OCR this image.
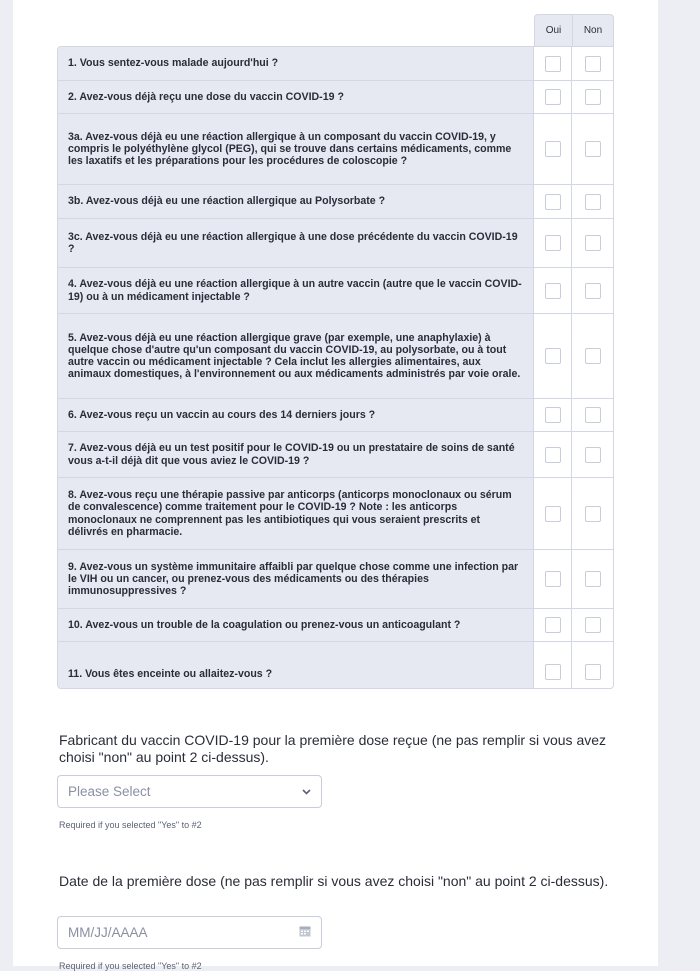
Oui	Non
1. Vous sentez-vous malade aujourd'hui ?
2. Avez-vous déjà reçu une dose du vaccin COVID-19 ?
3a. Avez-vous déjà eu une réaction allergique à un composant du vaccin COVID-19, y compris le polyéthylène glycol (PEG), qui se trouve dans certains médicaments, comme les laxatifs et les préparations pour les procédures de coloscopie ?
3b. Avez-vous déjà eu une réaction allergique au Polysorbate ?
3c. Avez-vous déjà eu une réaction allergique à une dose précédente du vaccin COVID-19 ?
4. Avez-vous déjà eu une réaction allergique à un autre vaccin (autre que le vaccin COVID-19) ou à un médicament injectable ?
5. Avez-vous déjà eu une réaction allergique grave (par exemple, une anaphylaxie) à quelque chose d'autre qu'un composant du vaccin COVID-19, au polysorbate, ou à tout autre vaccin ou médicament injectable ? Cela inclut les allergies alimentaires, aux animaux domestiques, à l'environnement ou aux médicaments administrés par voie orale.
6. Avez-vous reçu un vaccin au cours des 14 derniers jours ?
7. Avez-vous déjà eu un test positif pour le COVID-19 ou un prestataire de soins de santé vous a-t-il déjà dit que vous aviez le COVID-19 ?
8. Avez-vous reçu une thérapie passive par anticorps (anticorps monoclonaux ou sérum de convalescence) comme traitement pour le COVID-19 ? Note : les anticorps monoclonaux ne comprennent pas les antibiotiques qui vous seraient prescrits et délivrés en pharmacie.
9. Avez-vous un système immunitaire affaibli par quelque chose comme une infection par le VIH ou un cancer, ou prenez-vous des médicaments ou des thérapies immunosuppressives ?
10. Avez-vous un trouble de la coagulation ou prenez-vous un anticoagulant ?
11. Vous êtes enceinte ou allaitez-vous ?
Fabricant du vaccin COVID-19 pour la première dose reçue (ne pas remplir si vous avez choisi "non" au point 2 ci-dessus).
Please Select
Required if you selected "Yes" to #2
Date de la première dose (ne pas remplir si vous avez choisi "non" au point 2 ci-dessus).
MM/JJ/AAAA
Required if you selected "Yes" to #2
